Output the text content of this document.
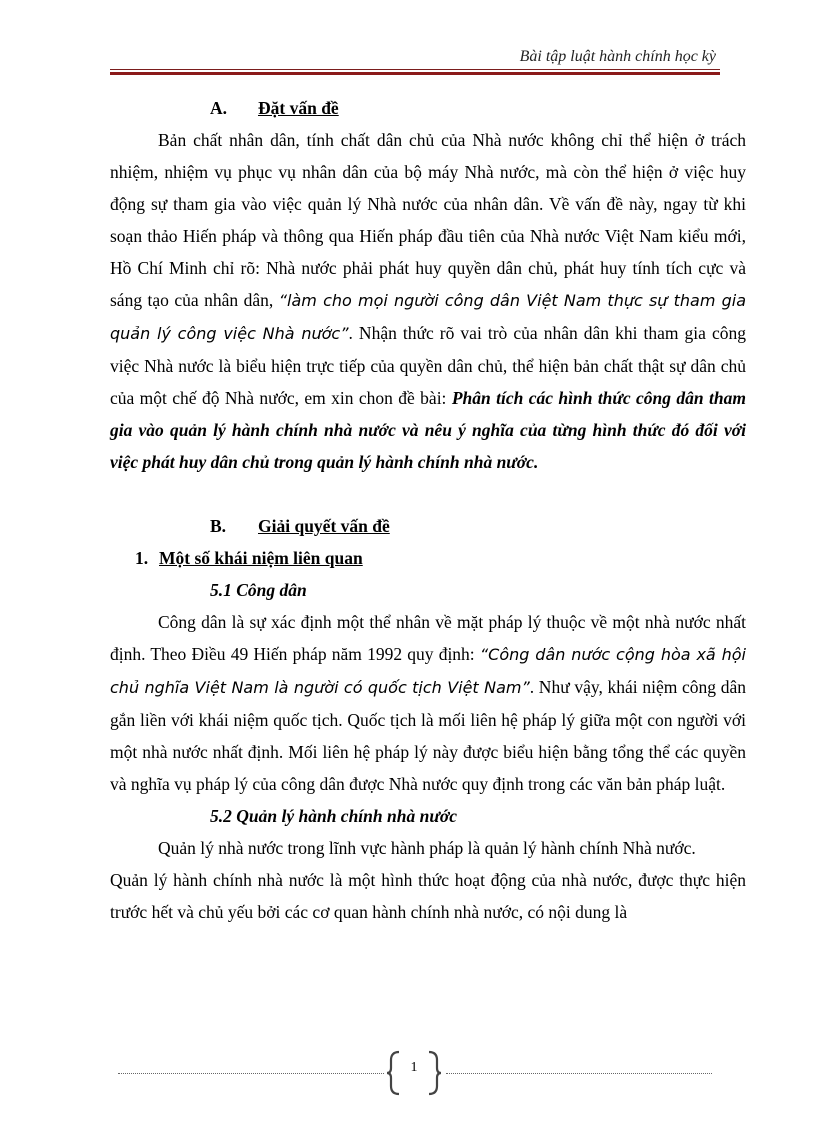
Bài tập luật hành chính học kỳ

A. Đặt vấn đề

Bản chất nhân dân, tính chất dân chủ của Nhà nước không chỉ thể hiện ở trách nhiệm, nhiệm vụ phục vụ nhân dân của bộ máy Nhà nước, mà còn thể hiện ở việc huy động sự tham gia vào việc quản lý Nhà nước của nhân dân. Về vấn đề này, ngay từ khi soạn thảo Hiến pháp và thông qua Hiến pháp đầu tiên của Nhà nước Việt Nam kiểu mới, Hồ Chí Minh chỉ rõ: Nhà nước phải phát huy quyền dân chủ, phát huy tính tích cực và sáng tạo của nhân dân, “làm cho mọi người công dân Việt Nam thực sự tham gia quản lý công việc Nhà nước”. Nhận thức rõ vai trò của nhân dân khi tham gia công việc Nhà nước là biểu hiện trực tiếp của quyền dân chủ, thể hiện bản chất thật sự dân chủ của một chế độ Nhà nước, em xin chon đề bài: Phân tích các hình thức công dân tham gia vào quản lý hành chính nhà nước và nêu ý nghĩa của từng hình thức đó đối với việc phát huy dân chủ trong quản lý hành chính nhà nước.

B. Giải quyết vấn đề

1. Một số khái niệm liên quan

5.1 Công dân

Công dân là sự xác định một thể nhân về mặt pháp lý thuộc về một nhà nước nhất định. Theo Điều 49 Hiến pháp năm 1992 quy định: “Công dân nước cộng hòa xã hội chủ nghĩa Việt Nam là người có quốc tịch Việt Nam”. Như vậy, khái niệm công dân gắn liền với khái niệm quốc tịch. Quốc tịch là mối liên hệ pháp lý giữa một con người với một nhà nước nhất định. Mối liên hệ pháp lý này được biểu hiện bằng tổng thể các quyền và nghĩa vụ pháp lý của công dân được Nhà nước quy định trong các văn bản pháp luật.

5.2 Quản lý hành chính nhà nước

Quản lý nhà nước trong lĩnh vực hành pháp là quản lý hành chính Nhà nước.

Quản lý hành chính nhà nước là một hình thức hoạt động của nhà nước, được thực hiện trước hết và chủ yếu bởi các cơ quan hành chính nhà nước, có nội dung là

1
